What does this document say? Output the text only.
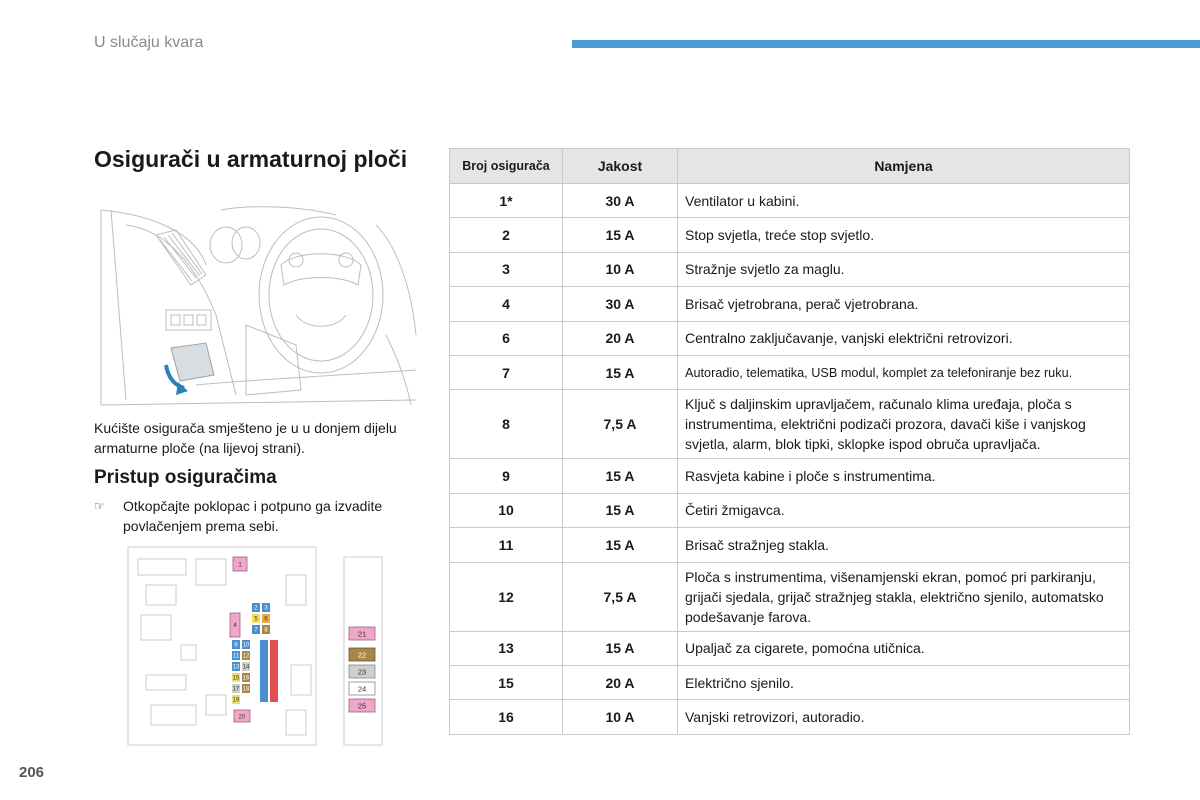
U slučaju kvara
Osigurači u armaturnoj ploči

Kućište osigurača smješteno je u u donjem dijelu armaturne ploče (na lijevoj strani).

Pristup osiguračima
☞	Otkopčajte poklopac i potpuno ga izvadite povlačenjem prema sebi.
1
4
2 3
5 6
7 8
9 10
11 12
13 14
15 16
17 18
19
20
21
22
23
24
25
Broj osigurača	Jakost	Namjena
1*	30 A	Ventilator u kabini.
2	15 A	Stop svjetla, treće stop svjetlo.
3	10 A	Stražnje svjetlo za maglu.
4	30 A	Brisač vjetrobrana, perač vjetrobrana.
6	20 A	Centralno zaključavanje, vanjski električni retrovizori.
7	15 A	Autoradio, telematika, USB modul, komplet za telefoniranje bez ruku.
8	7,5 A	Ključ s daljinskim upravljačem, računalo klima uređaja, ploča s instrumentima, električni podizači prozora, davači kiše i vanjskog svjetla, alarm, blok tipki, sklopke ispod obruča upravljača.
9	15 A	Rasvjeta kabine i ploče s instrumentima.
10	15 A	Četiri žmigavca.
11	15 A	Brisač stražnjeg stakla.
12	7,5 A	Ploča s instrumentima, višenamjenski ekran, pomoć pri parkiranju, grijači sjedala, grijač stražnjeg stakla, električno sjenilo, automatsko podešavanje farova.
13	15 A	Upaljač za cigarete, pomoćna utičnica.
15	20 A	Električno sjenilo.
16	10 A	Vanjski retrovizori, autoradio.
206
